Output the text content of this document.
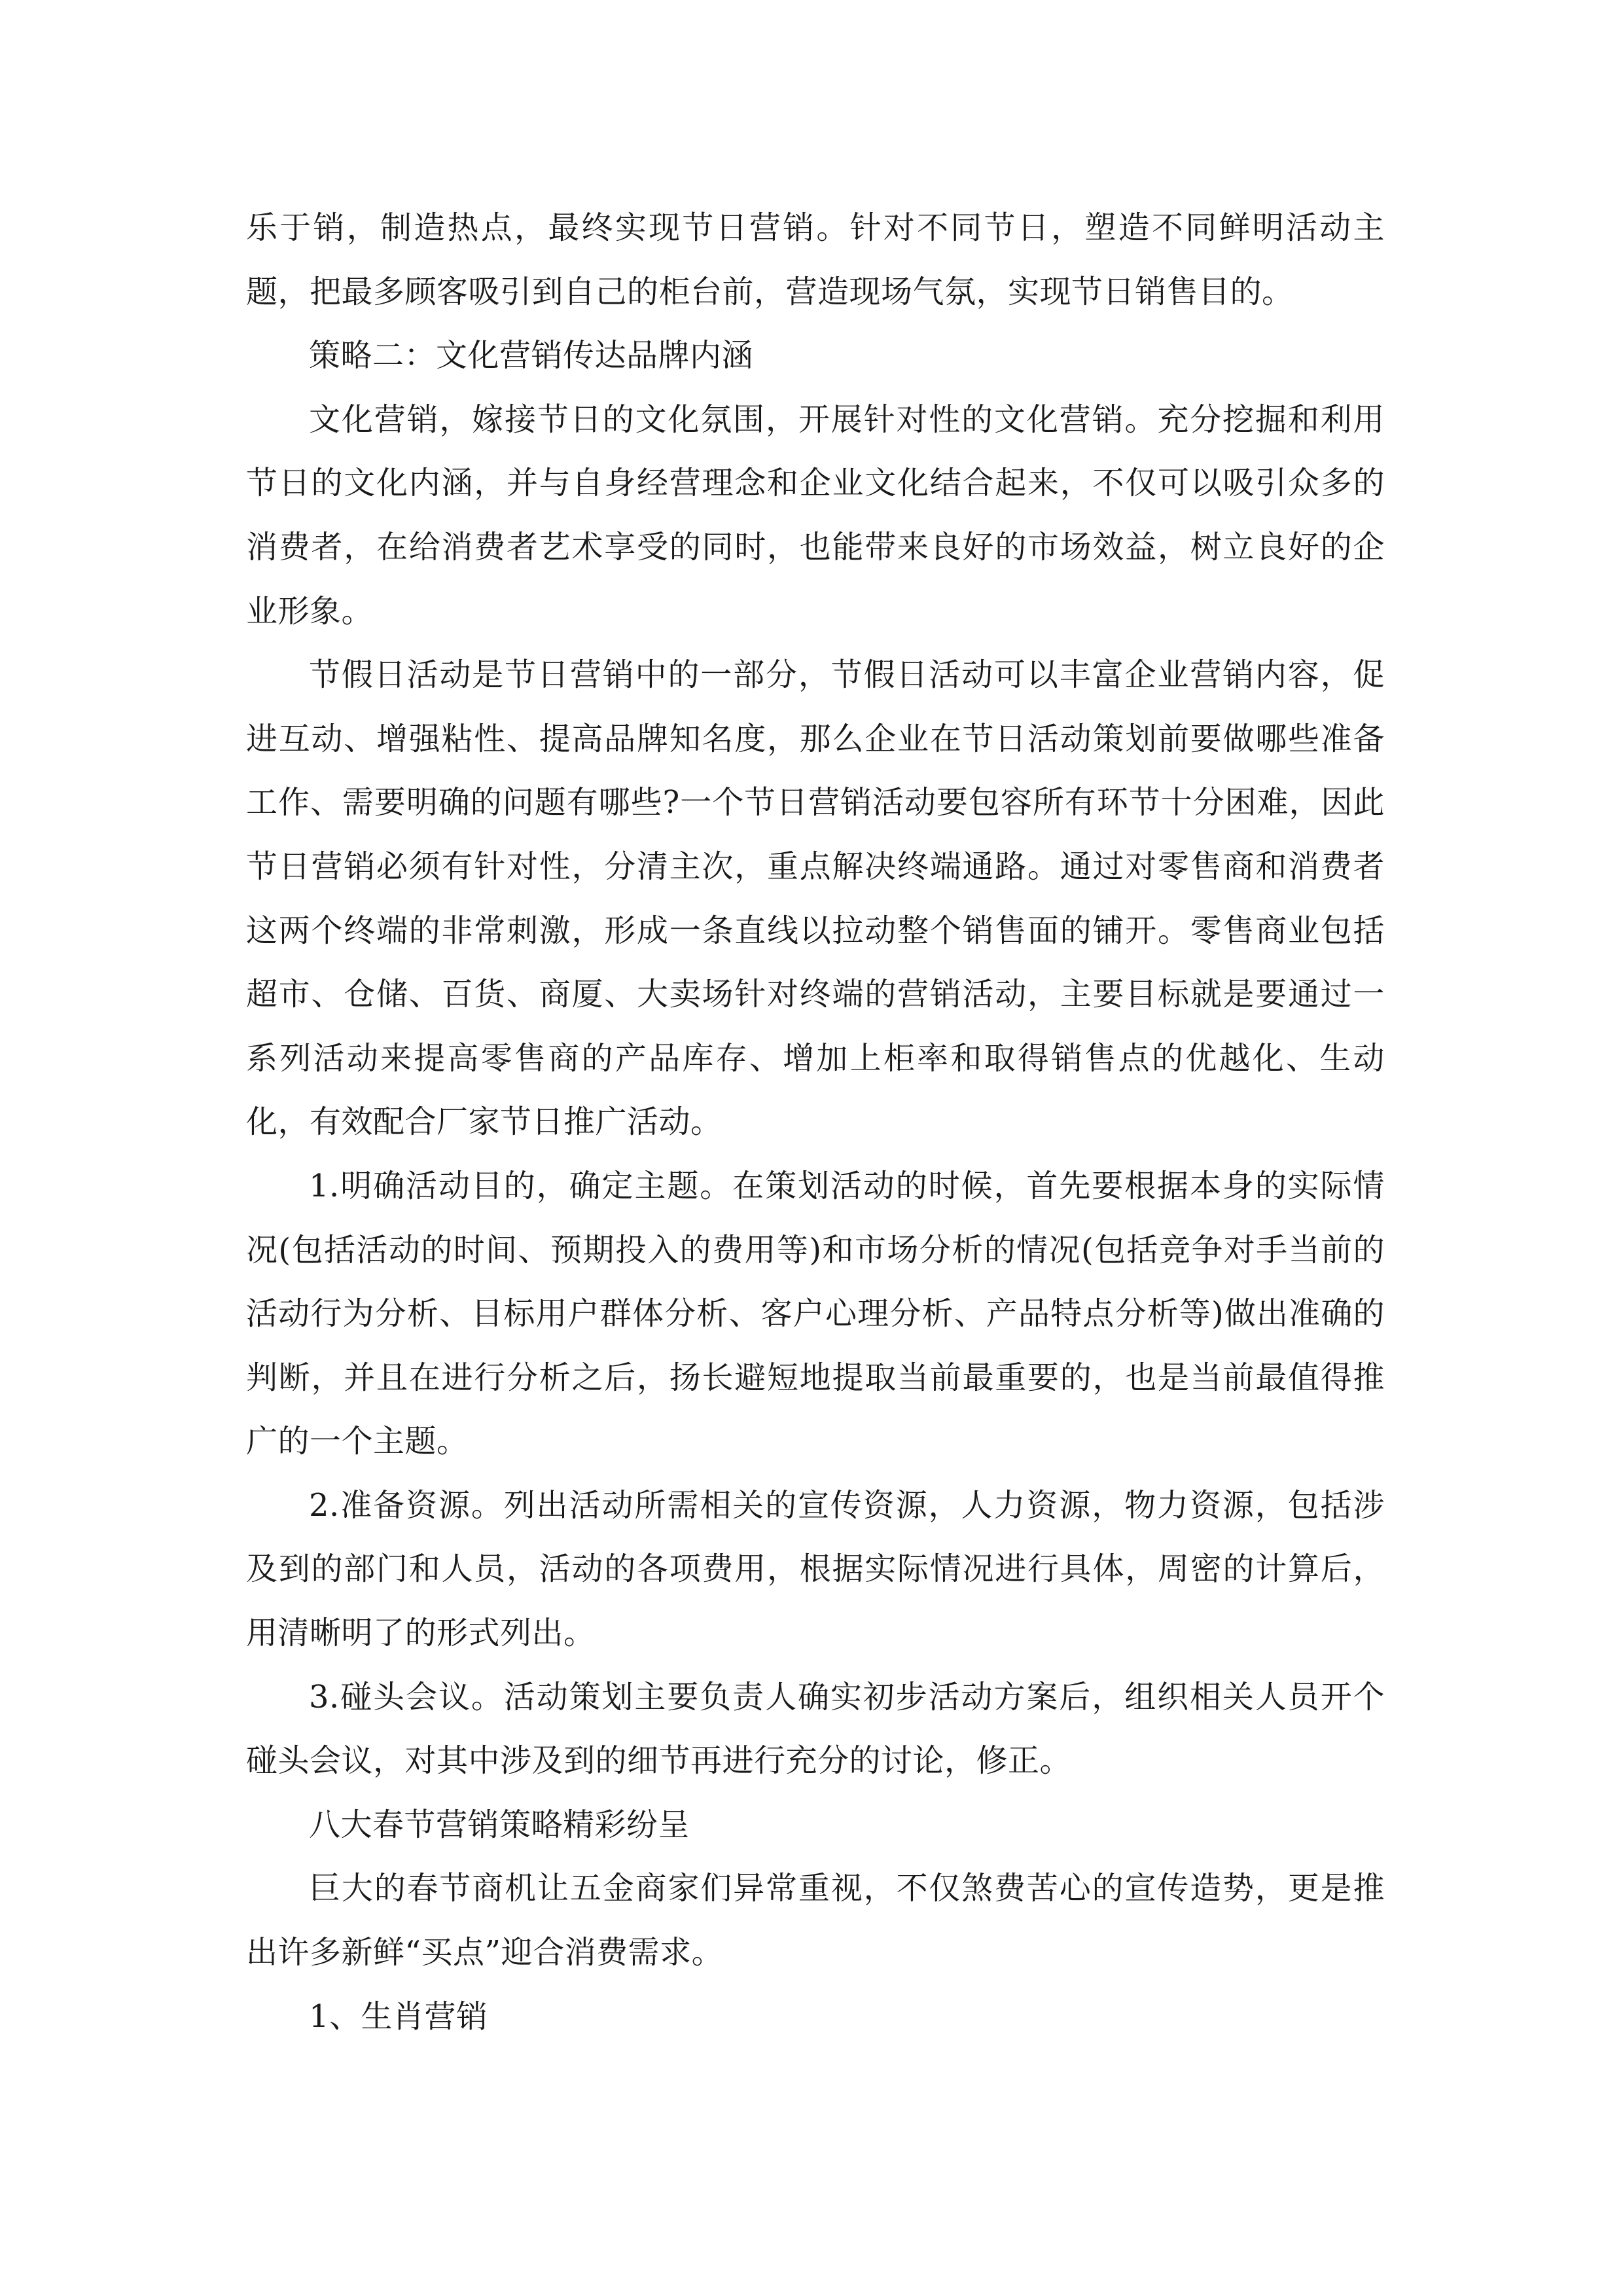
乐于销，制造热点，最终实现节日营销。针对不同节日，塑造不同鲜明活动主题，把最多顾客吸引到自己的柜台前，营造现场气氛，实现节日销售目的。

策略二：文化营销传达品牌内涵

文化营销，嫁接节日的文化氛围，开展针对性的文化营销。充分挖掘和利用节日的文化内涵，并与自身经营理念和企业文化结合起来，不仅可以吸引众多的消费者，在给消费者艺术享受的同时，也能带来良好的市场效益，树立良好的企业形象。

节假日活动是节日营销中的一部分，节假日活动可以丰富企业营销内容，促进互动、增强粘性、提高品牌知名度，那么企业在节日活动策划前要做哪些准备工作、需要明确的问题有哪些?一个节日营销活动要包容所有环节十分困难，因此节日营销必须有针对性，分清主次，重点解决终端通路。通过对零售商和消费者这两个终端的非常刺激，形成一条直线以拉动整个销售面的铺开。零售商业包括超市、仓储、百货、商厦、大卖场针对终端的营销活动，主要目标就是要通过一系列活动来提高零售商的产品库存、增加上柜率和取得销售点的优越化、生动化，有效配合厂家节日推广活动。

1.明确活动目的，确定主题。在策划活动的时候，首先要根据本身的实际情况(包括活动的时间、预期投入的费用等)和市场分析的情况(包括竞争对手当前的活动行为分析、目标用户群体分析、客户心理分析、产品特点分析等)做出准确的判断，并且在进行分析之后，扬长避短地提取当前最重要的，也是当前最值得推广的一个主题。

2.准备资源。列出活动所需相关的宣传资源，人力资源，物力资源，包括涉及到的部门和人员，活动的各项费用，根据实际情况进行具体，周密的计算后，用清晰明了的形式列出。

3.碰头会议。活动策划主要负责人确实初步活动方案后，组织相关人员开个碰头会议，对其中涉及到的细节再进行充分的讨论，修正。

八大春节营销策略精彩纷呈

巨大的春节商机让五金商家们异常重视，不仅煞费苦心的宣传造势，更是推出许多新鲜“买点”迎合消费需求。

1、生肖营销
